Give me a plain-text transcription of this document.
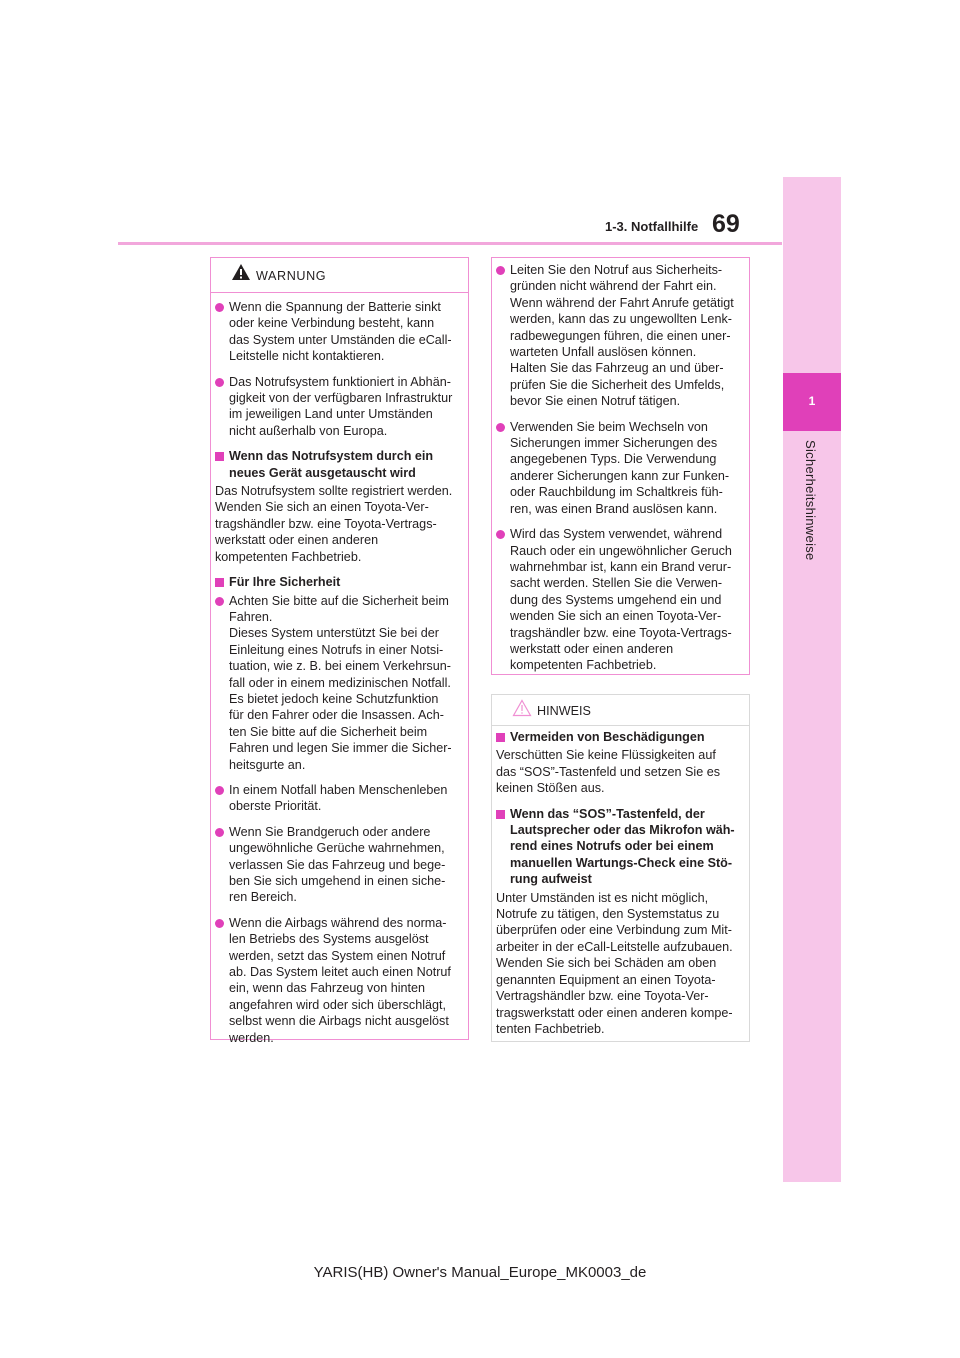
69
1-3. Notfallhilfe
1
Sicherheitshinweise
WARNUNG
Wenn die Spannung der Batterie sinkt
oder keine Verbindung besteht, kann
das System unter Umständen die eCall-
Leitstelle nicht kontaktieren.
Das Notrufsystem funktioniert in Abhän-
gigkeit von der verfügbaren Infrastruktur
im jeweiligen Land unter Umständen
nicht außerhalb von Europa.
Wenn das Notrufsystem durch ein
neues Gerät ausgetauscht wird
Das Notrufsystem sollte registriert werden.
Wenden Sie sich an einen Toyota-Ver-
tragshändler bzw. eine Toyota-Vertrags-
werkstatt oder einen anderen
kompetenten Fachbetrieb.
Für Ihre Sicherheit
Achten Sie bitte auf die Sicherheit beim
Fahren.
Dieses System unterstützt Sie bei der
Einleitung eines Notrufs in einer Notsi-
tuation, wie z. B. bei einem Verkehrsun-
fall oder in einem medizinischen Notfall.
Es bietet jedoch keine Schutzfunktion
für den Fahrer oder die Insassen. Ach-
ten Sie bitte auf die Sicherheit beim
Fahren und legen Sie immer die Sicher-
heitsgurte an.
In einem Notfall haben Menschenleben
oberste Priorität.
Wenn Sie Brandgeruch oder andere
ungewöhnliche Gerüche wahrnehmen,
verlassen Sie das Fahrzeug und bege-
ben Sie sich umgehend in einen siche-
ren Bereich.
Wenn die Airbags während des norma-
len Betriebs des Systems ausgelöst
werden, setzt das System einen Notruf
ab. Das System leitet auch einen Notruf
ein, wenn das Fahrzeug von hinten
angefahren wird oder sich überschlägt,
selbst wenn die Airbags nicht ausgelöst
werden.
Leiten Sie den Notruf aus Sicherheits-
gründen nicht während der Fahrt ein.
Wenn während der Fahrt Anrufe getätigt
werden, kann das zu ungewollten Lenk-
radbewegungen führen, die einen uner-
warteten Unfall auslösen können.
Halten Sie das Fahrzeug an und über-
prüfen Sie die Sicherheit des Umfelds,
bevor Sie einen Notruf tätigen.
Verwenden Sie beim Wechseln von
Sicherungen immer Sicherungen des
angegebenen Typs. Die Verwendung
anderer Sicherungen kann zur Funken-
oder Rauchbildung im Schaltkreis füh-
ren, was einen Brand auslösen kann.
Wird das System verwendet, während
Rauch oder ein ungewöhnlicher Geruch
wahrnehmbar ist, kann ein Brand verur-
sacht werden. Stellen Sie die Verwen-
dung des Systems umgehend ein und
wenden Sie sich an einen Toyota-Ver-
tragshändler bzw. eine Toyota-Vertrags-
werkstatt oder einen anderen
kompetenten Fachbetrieb.
HINWEIS
Vermeiden von Beschädigungen
Verschütten Sie keine Flüssigkeiten auf
das “SOS”-Tastenfeld und setzen Sie es
keinen Stößen aus.
Wenn das “SOS”-Tastenfeld, der
Lautsprecher oder das Mikrofon wäh-
rend eines Notrufs oder bei einem
manuellen Wartungs-Check eine Stö-
rung aufweist
Unter Umständen ist es nicht möglich,
Notrufe zu tätigen, den Systemstatus zu
überprüfen oder eine Verbindung zum Mit-
arbeiter in der eCall-Leitstelle aufzubauen.
Wenden Sie sich bei Schäden am oben
genannten Equipment an einen Toyota-
Vertragshändler bzw. eine Toyota-Ver-
tragswerkstatt oder einen anderen kompe-
tenten Fachbetrieb.
YARIS(HB) Owner's Manual_Europe_MK0003_de
